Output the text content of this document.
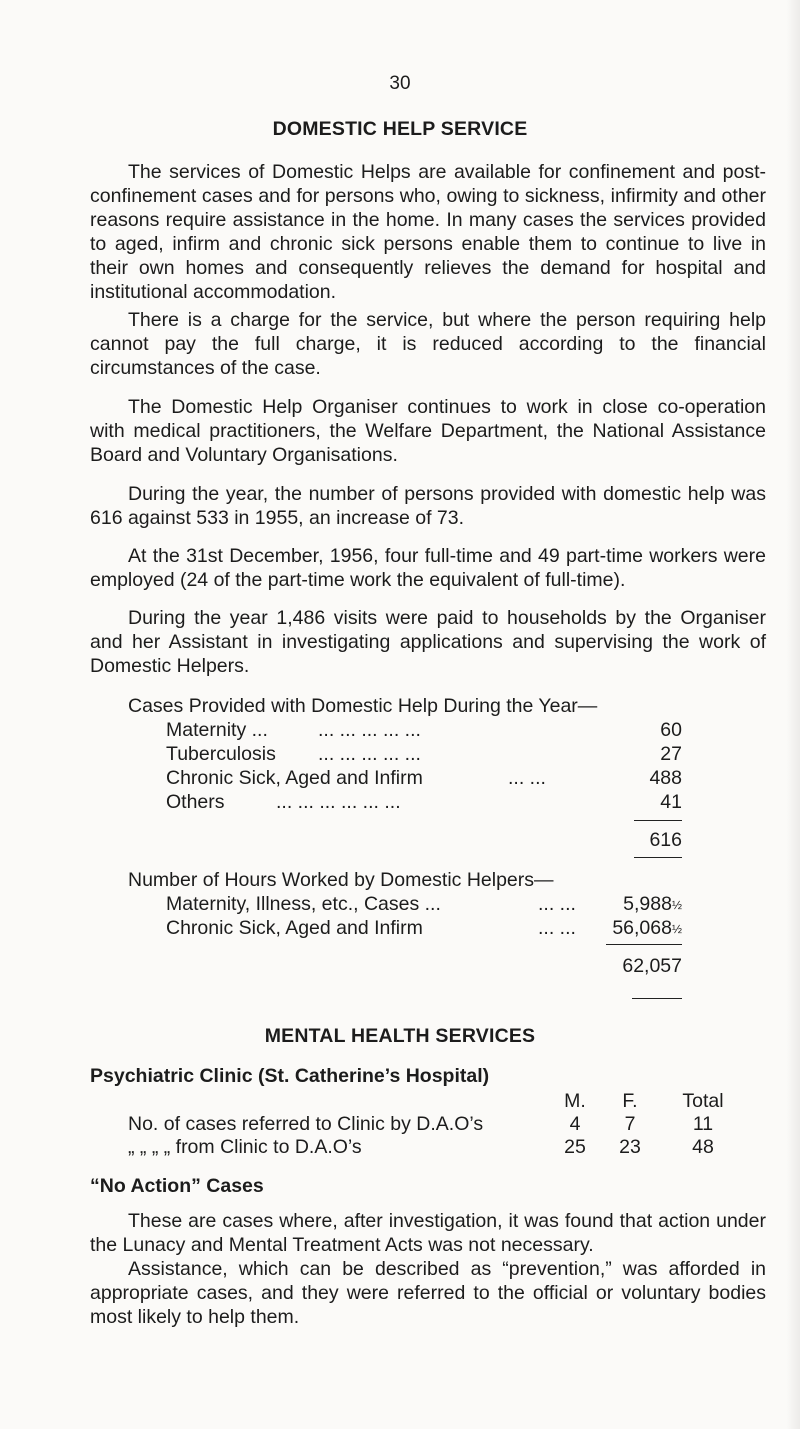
30
DOMESTIC HELP SERVICE
The services of Domestic Helps are available for confinement and post-confinement cases and for persons who, owing to sickness, infirmity and other reasons require assistance in the home. In many cases the services provided to aged, infirm and chronic sick persons enable them to continue to live in their own homes and consequently relieves the demand for hospital and institutional accommodation.
There is a charge for the service, but where the person requiring help cannot pay the full charge, it is reduced according to the financial circumstances of the case.
The Domestic Help Organiser continues to work in close co-operation with medical practitioners, the Welfare Department, the National Assistance Board and Voluntary Organisations.
During the year, the number of persons provided with domestic help was 616 against 533 in 1955, an increase of 73.
At the 31st December, 1956, four full-time and 49 part-time workers were employed (24 of the part-time work the equivalent of full-time).
During the year 1,486 visits were paid to households by the Organiser and her Assistant in investigating applications and supervising the work of Domestic Helpers.
Cases Provided with Domestic Help During the Year—
Maternity ...	... ... ... ... ...	60
Tuberculosis ... ... ... ... ...	27
Chronic Sick, Aged and Infirm	... ...	488
Others	... ... ... ... ... ...	41
616
Number of Hours Worked by Domestic Helpers—
Maternity, Illness, etc., Cases ...	... ... 5,988½
Chronic Sick, Aged and Infirm	... ... 56,068½
62,057
MENTAL HEALTH SERVICES
Psychiatric Clinic (St. Catherine’s Hospital)
M.	F.	Total
No. of cases referred to Clinic by D.A.O’s	4	7	11
„ „ „ „ from Clinic to D.A.O’s	25	23	48
“No Action” Cases
These are cases where, after investigation, it was found that action under the Lunacy and Mental Treatment Acts was not necessary.
Assistance, which can be described as “prevention,” was afforded in appropriate cases, and they were referred to the official or voluntary bodies most likely to help them.
